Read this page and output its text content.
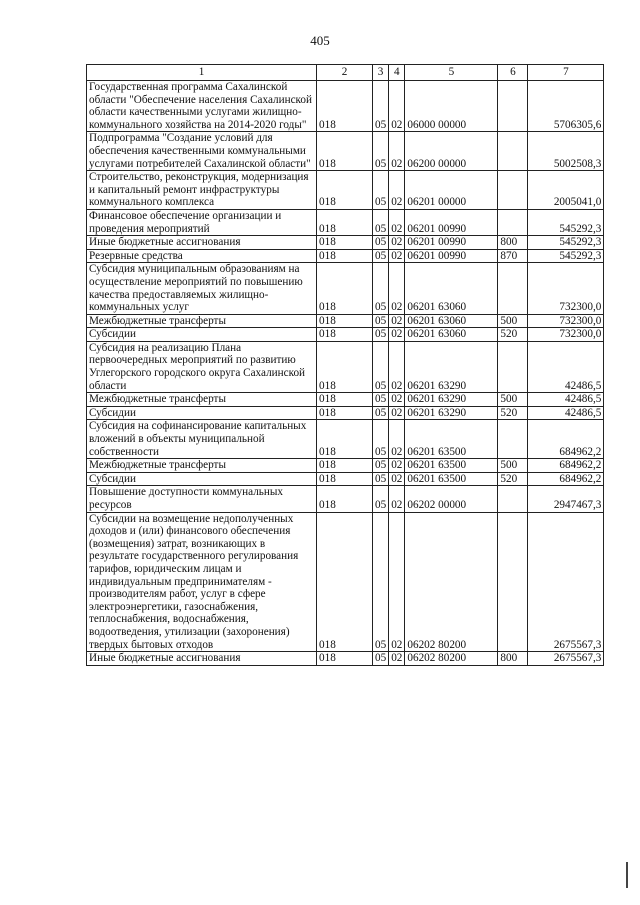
405
1	2	3	4	5	6	7
Государственная программа Сахалинской области "Обеспечение населения Сахалинской области качественными услугами жилищно-коммунального хозяйства на 2014-2020 годы"	018	05	02	06000 00000		5706305,6
Подпрограмма "Создание условий для обеспечения качественными коммунальными услугами потребителей Сахалинской области"	018	05	02	06200 00000		5002508,3
Строительство, реконструкция, модернизация и капитальный ремонт инфраструктуры коммунального комплекса	018	05	02	06201 00000		2005041,0
Финансовое обеспечение организации и проведения мероприятий	018	05	02	06201 00990		545292,3
Иные бюджетные ассигнования	018	05	02	06201 00990	800	545292,3
Резервные средства	018	05	02	06201 00990	870	545292,3
Субсидия муниципальным образованиям на осуществление мероприятий по повышению качества предоставляемых жилищно-коммунальных услуг	018	05	02	06201 63060		732300,0
Межбюджетные трансферты	018	05	02	06201 63060	500	732300,0
Субсидии	018	05	02	06201 63060	520	732300,0
Субсидия на реализацию Плана первоочередных мероприятий по развитию Углегорского городского округа Сахалинской области	018	05	02	06201 63290		42486,5
Межбюджетные трансферты	018	05	02	06201 63290	500	42486,5
Субсидии	018	05	02	06201 63290	520	42486,5
Субсидия на софинансирование капитальных вложений в объекты муниципальной собственности	018	05	02	06201 63500		684962,2
Межбюджетные трансферты	018	05	02	06201 63500	500	684962,2
Субсидии	018	05	02	06201 63500	520	684962,2
Повышение доступности коммунальных ресурсов	018	05	02	06202 00000		2947467,3
Субсидии на возмещение недополученных доходов и (или) финансового обеспечения (возмещения) затрат, возникающих в результате государственного регулирования тарифов, юридическим лицам и индивидуальным предпринимателям - производителям работ, услуг в сфере электроэнергетики, газоснабжения, теплоснабжения, водоснабжения, водоотведения, утилизации (захоронения) твердых бытовых отходов	018	05	02	06202 80200		2675567,3
Иные бюджетные ассигнования	018	05	02	06202 80200	800	2675567,3
